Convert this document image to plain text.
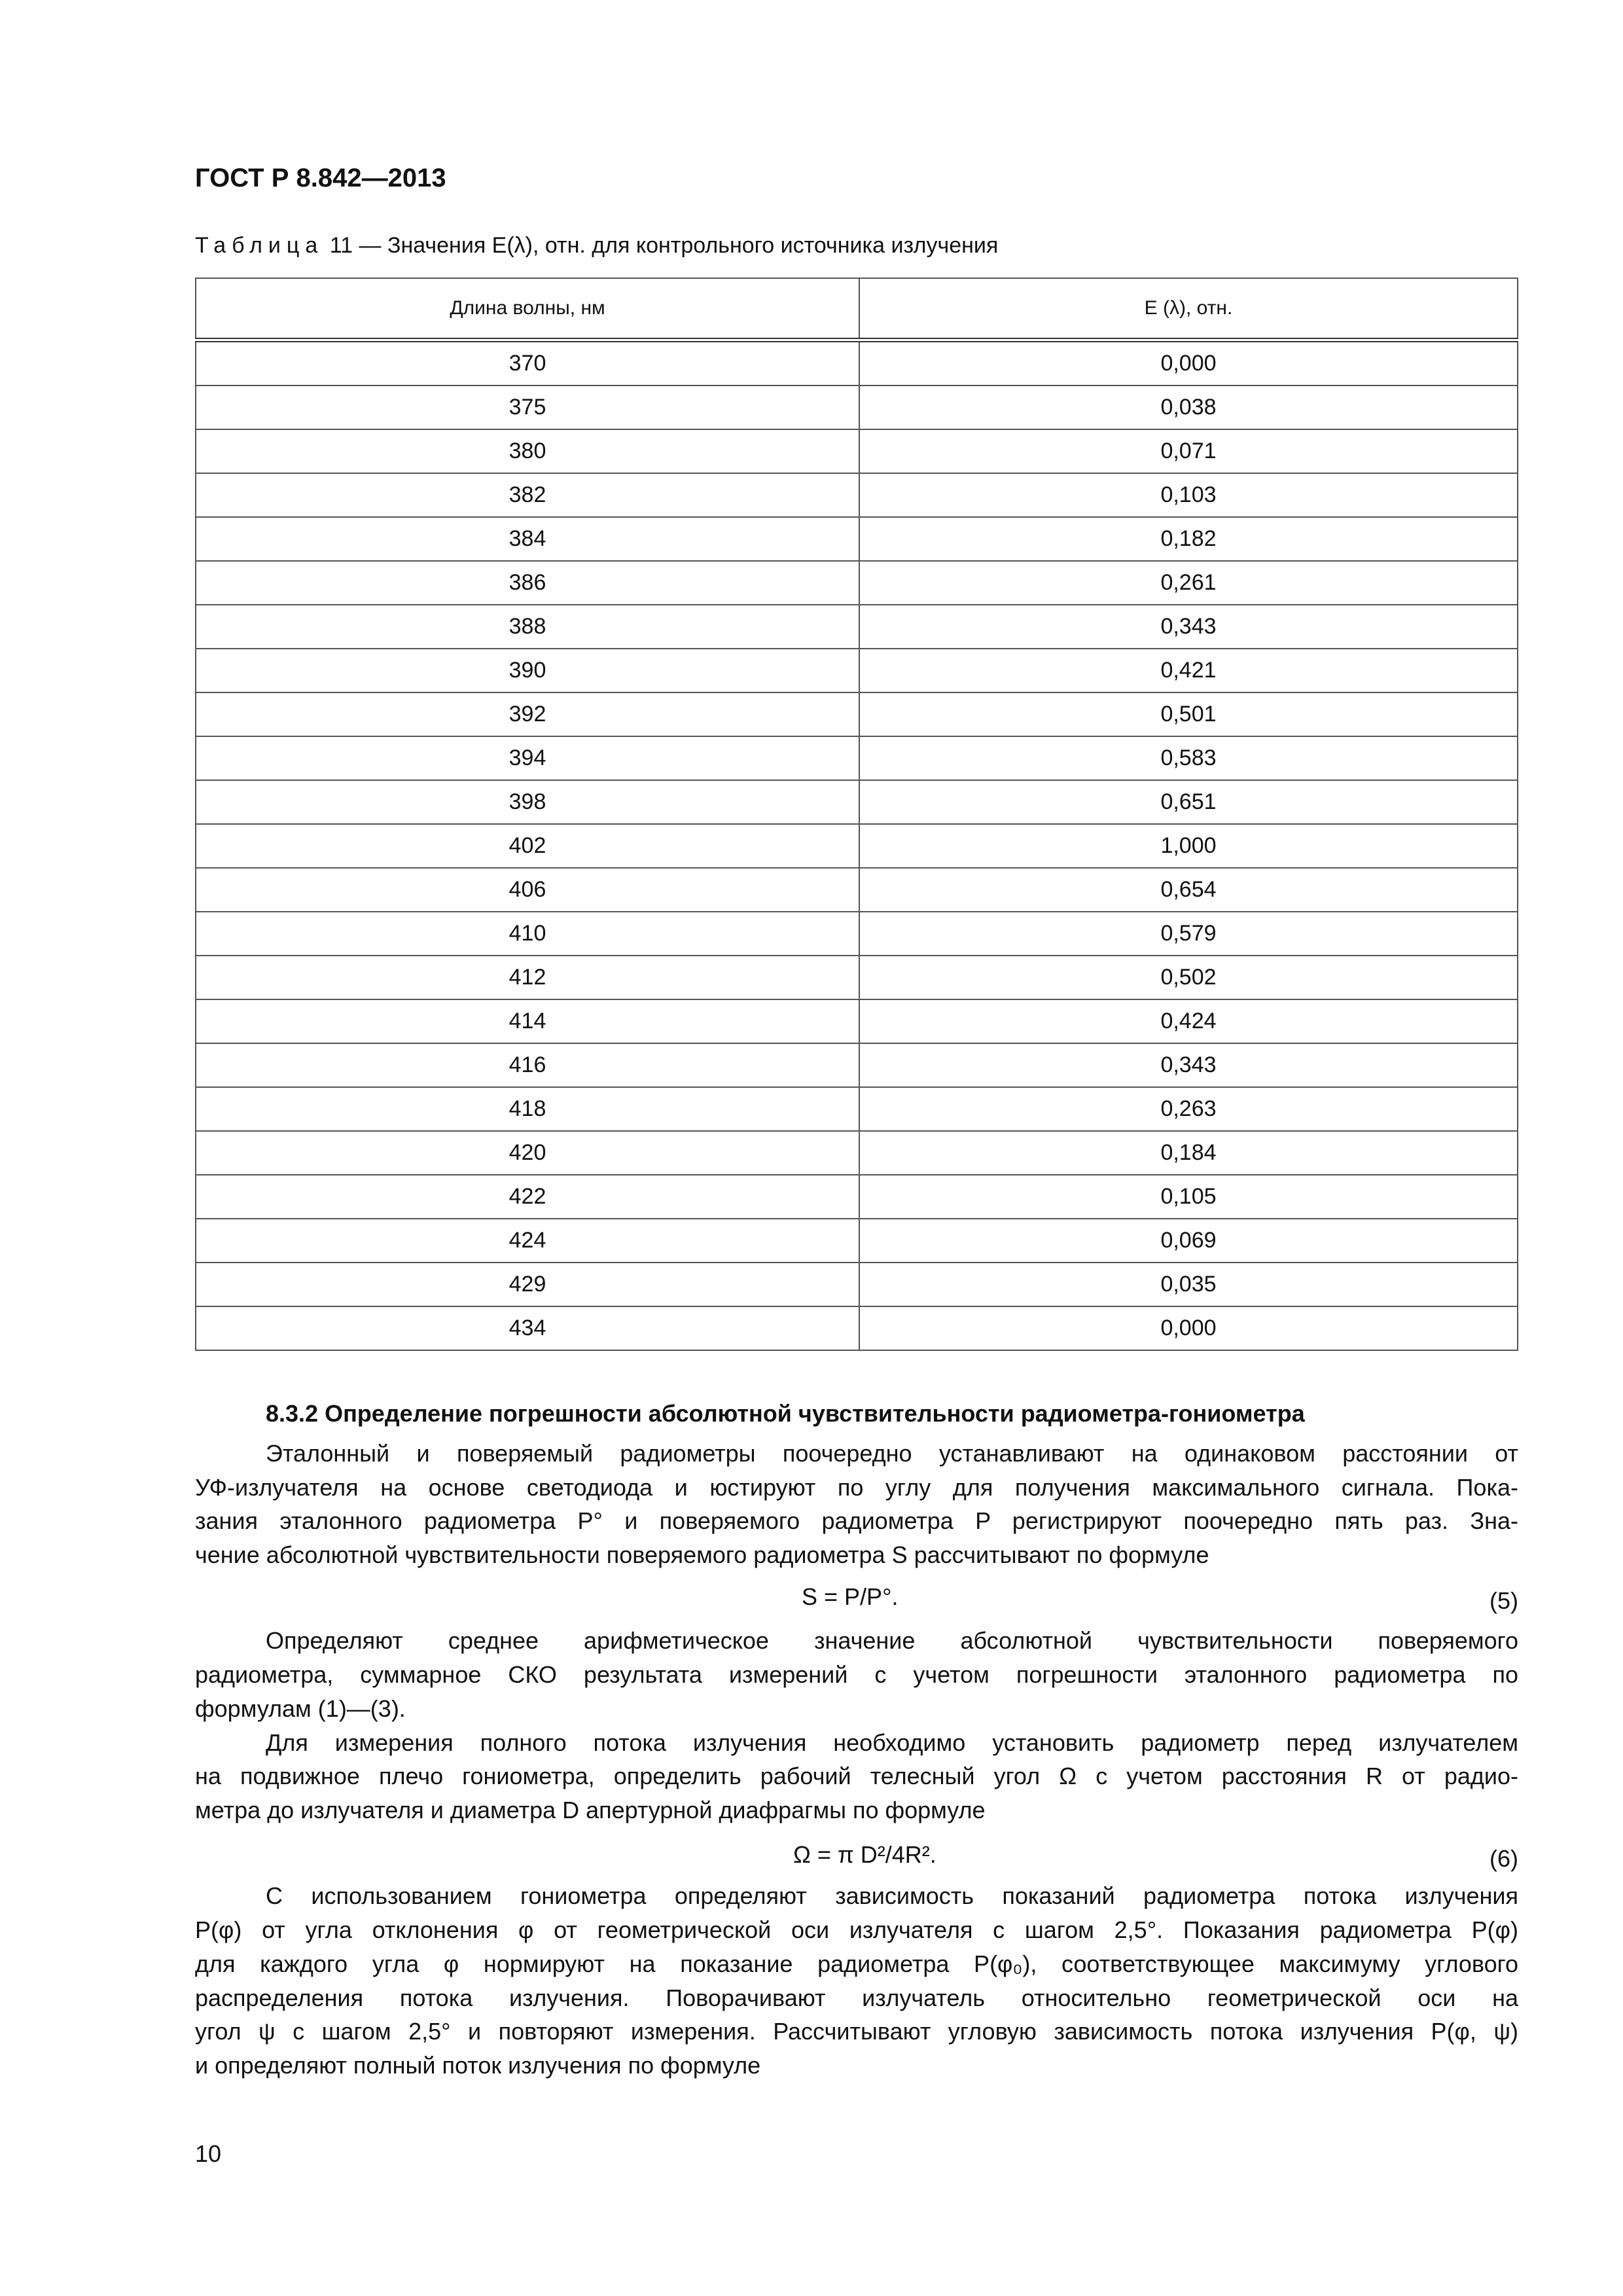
ГОСТ Р 8.842—2013
Таблица 11 — Значения E(λ), отн. для контрольного источника излучения
Длина волны, нм	E (λ), отн.
370	0,000
375	0,038
380	0,071
382	0,103
384	0,182
386	0,261
388	0,343
390	0,421
392	0,501
394	0,583
398	0,651
402	1,000
406	0,654
410	0,579
412	0,502
414	0,424
416	0,343
418	0,263
420	0,184
422	0,105
424	0,069
429	0,035
434	0,000
8.3.2 Определение погрешности абсолютной чувствительности радиометра-гониометра
Эталонный и поверяемый радиометры поочередно устанавливают на одинаковом расстоянии от
УФ-излучателя на основе светодиода и юстируют по углу для получения максимального сигнала. Пока-
зания эталонного радиометра P° и поверяемого радиометра P регистрируют поочередно пять раз. Зна-
чение абсолютной чувствительности поверяемого радиометра S рассчитывают по формуле
S = P/P°.	(5)
Определяют среднее арифметическое значение абсолютной чувствительности поверяемого
радиометра, суммарное СКО результата измерений с учетом погрешности эталонного радиометра по
формулам (1)—(3).
Для измерения полного потока излучения необходимо установить радиометр перед излучателем
на подвижное плечо гониометра, определить рабочий телесный угол Ω с учетом расстояния R от радио-
метра до излучателя и диаметра D апертурной диафрагмы по формуле
Ω = π D²/4R².	(6)
С использованием гониометра определяют зависимость показаний радиометра потока излучения
P(φ) от угла отклонения φ от геометрической оси излучателя с шагом 2,5°. Показания радиометра P(φ)
для каждого угла φ нормируют на показание радиометра P(φ₀), соответствующее максимуму углового
распределения потока излучения. Поворачивают излучатель относительно геометрической оси на
угол ψ с шагом 2,5° и повторяют измерения. Рассчитывают угловую зависимость потока излучения P(φ, ψ)
и определяют полный поток излучения по формуле
10
